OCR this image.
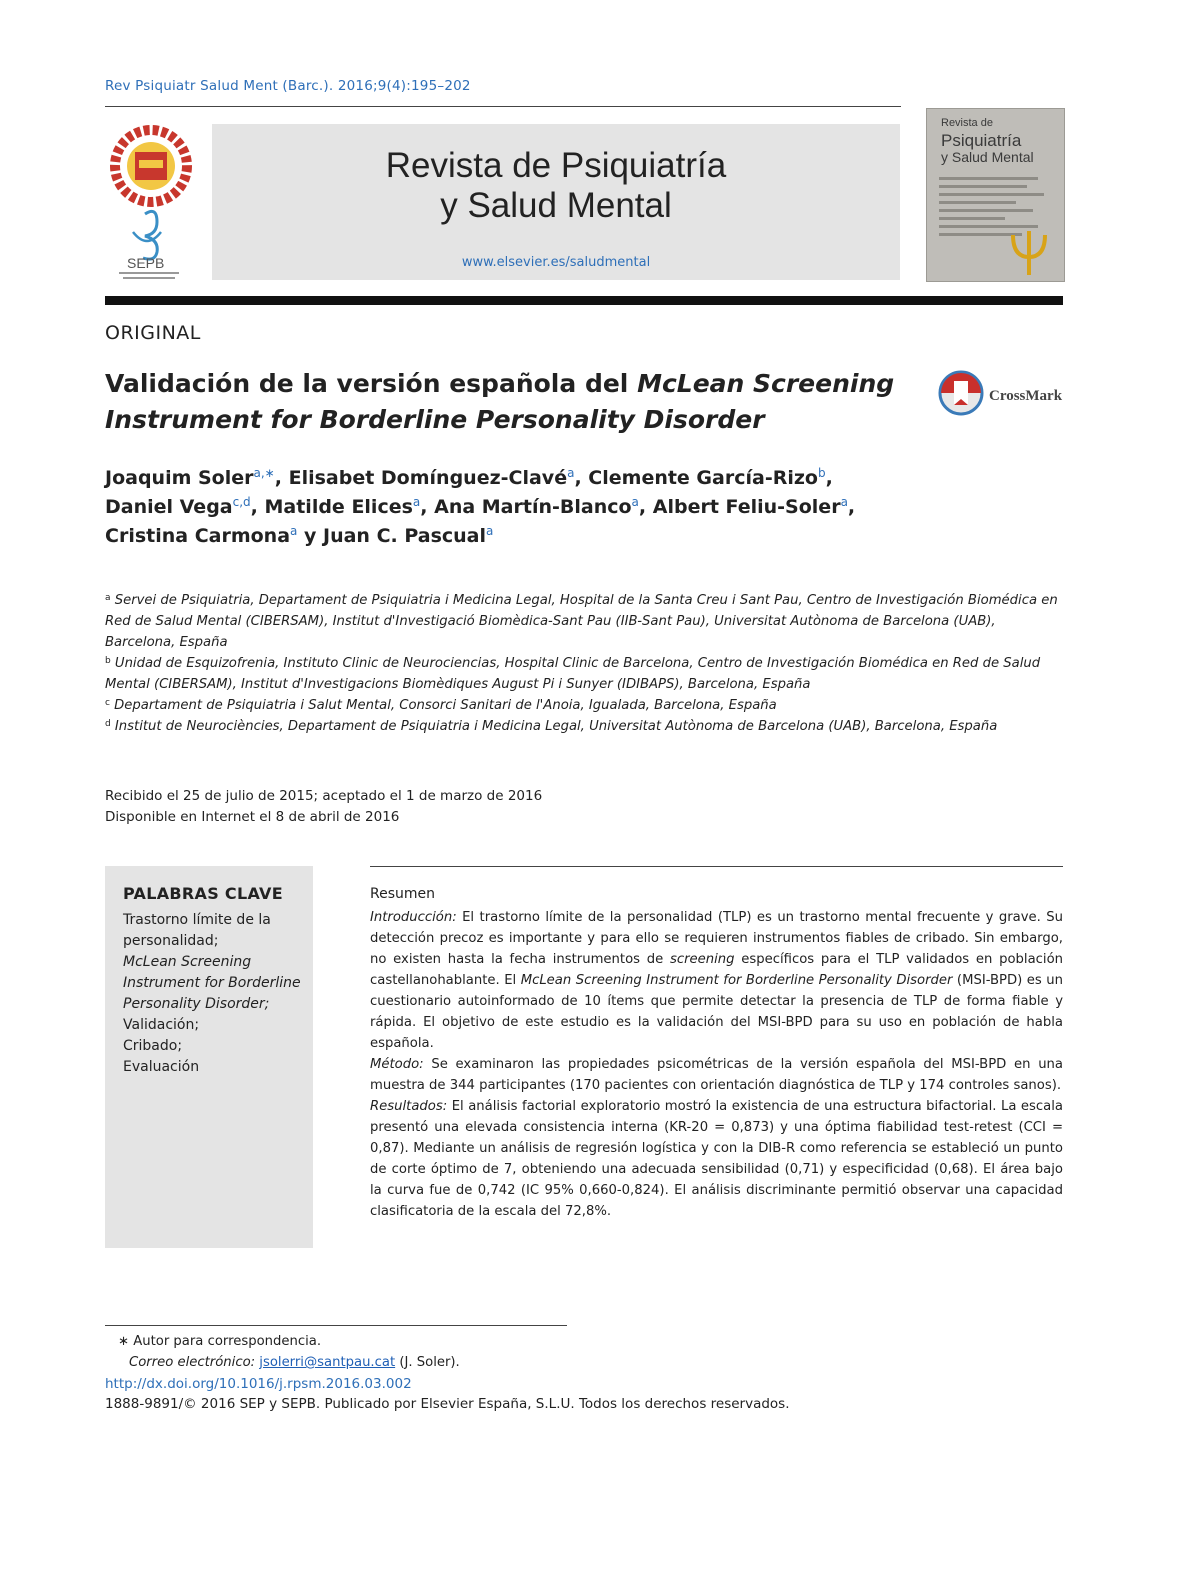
Rev Psiquiatr Salud Ment (Barc.). 2016;9(4):195–202
SEPB
Revista de Psiquiatría
y Salud Mental
www.elsevier.es/saludmental
Revista de
Psiquiatría
y Salud Mental
ORIGINAL
Validación de la versión española del McLean Screening Instrument for Borderline Personality Disorder
CrossMark
Joaquim Soler$^{a,∗}$, Elisabet Domínguez-Clavé$^a$, Clemente García-Rizo$^b$,
Daniel Vega$^{c,d}$, Matilde Elices$^a$, Ana Martín-Blanco$^a$, Albert Feliu-Soler$^a$,
Cristina Carmona$^a$ y Juan C. Pascual$^a$

$^a$ Servei de Psiquiatria, Departament de Psiquiatria i Medicina Legal, Hospital de la Santa Creu i Sant Pau, Centro de Investigación Biomédica en Red de Salud Mental (CIBERSAM), Institut d'Investigació Biomèdica-Sant Pau (IIB-Sant Pau), Universitat Autònoma de Barcelona (UAB), Barcelona, España

$^b$ Unidad de Esquizofrenia, Instituto Clinic de Neurociencias, Hospital Clinic de Barcelona, Centro de Investigación Biomédica en Red de Salud Mental (CIBERSAM), Institut d'Investigacions Biomèdiques August Pi i Sunyer (IDIBAPS), Barcelona, España

$^c$ Departament de Psiquiatria i Salut Mental, Consorci Sanitari de l'Anoia, Igualada, Barcelona, España

$^d$ Institut de Neurociències, Departament de Psiquiatria i Medicina Legal, Universitat Autònoma de Barcelona (UAB), Barcelona, España

Recibido el 25 de julio de 2015; aceptado el 1 de marzo de 2016

Disponible en Internet el 8 de abril de 2016

PALABRAS CLAVE
Trastorno límite de la personalidad;
McLean Screening Instrument for Borderline Personality Disorder;
Validación;
Cribado;
Evaluación
Resumen

Introducción: El trastorno límite de la personalidad (TLP) es un trastorno mental frecuente y grave. Su detección precoz es importante y para ello se requieren instrumentos fiables de cribado. Sin embargo, no existen hasta la fecha instrumentos de screening específicos para el TLP validados en población castellanohablante. El McLean Screening Instrument for Borderline Personality Disorder (MSI-BPD) es un cuestionario autoinformado de 10 ítems que permite detectar la presencia de TLP de forma fiable y rápida. El objetivo de este estudio es la validación del MSI-BPD para su uso en población de habla española.

Método: Se examinaron las propiedades psicométricas de la versión española del MSI-BPD en una muestra de 344 participantes (170 pacientes con orientación diagnóstica de TLP y 174 controles sanos).

Resultados: El análisis factorial exploratorio mostró la existencia de una estructura bifactorial. La escala presentó una elevada consistencia interna (KR-20 = 0,873) y una óptima fiabilidad test-retest (CCI = 0,87). Mediante un análisis de regresión logística y con la DIB-R como referencia se estableció un punto de corte óptimo de 7, obteniendo una adecuada sensibilidad (0,71) y especificidad (0,68). El área bajo la curva fue de 0,742 (IC 95% 0,660-0,824). El análisis discriminante permitió observar una capacidad clasificatoria de la escala del 72,8%.

∗ Autor para correspondencia.

Correo electrónico: jsolerri@santpau.cat (J. Soler).

http://dx.doi.org/10.1016/j.rpsm.2016.03.002
1888-9891/© 2016 SEP y SEPB. Publicado por Elsevier España, S.L.U. Todos los derechos reservados.
